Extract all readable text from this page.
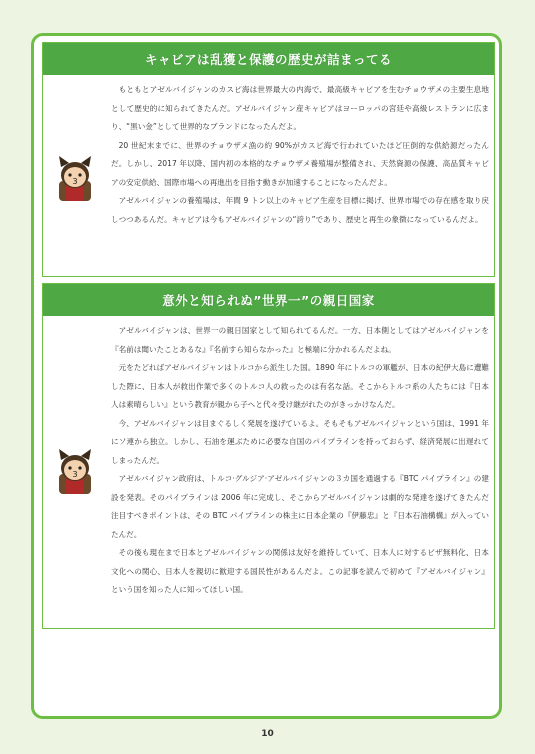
キャビアは乱獲と保護の歴史が詰まってる
3

もともとアゼルバイジャンのカスピ海は世界最大の内海で、最高級キャビアを生むチョウザメの主要生息地として歴史的に知られてきたんだ。アゼルバイジャン産キャビアはヨーロッパの宮廷や高級レストランに広まり、“黒い金”として世界的なブランドになったんだよ。

20 世紀末までに、世界のチョウザメ漁の約 90%がカスピ海で行われていたほど圧倒的な供給源だったんだ。しかし、2017 年以降、国内初の本格的なチョウザメ養殖場が整備され、天然資源の保護、高品質キャビアの安定供給、国際市場への再進出を目指す動きが加速することになったんだよ。

アゼルバイジャンの養殖場は、年間 9 トン以上のキャビア生産を目標に掲げ、世界市場での存在感を取り戻しつつあるんだ。キャビアは今もアゼルバイジャンの“誇り”であり、歴史と再生の象徴になっているんだよ。

意外と知られぬ”世界一”の親日国家
3

アゼルバイジャンは、世界一の親日国家として知られてるんだ。一方、日本側としてはアゼルバイジャンを『名前は聞いたことあるな』『名前すら知らなかった』と極端に分かれるんだよね。

元をたどればアゼルバイジャンはトルコから派生した国。1890 年にトルコの軍艦が、日本の紀伊大島に遭難した際に、日本人が救出作業で多くのトルコ人の救ったのは有名な話。そこからトルコ系の人たちには『日本人は素晴らしい』という教育が親から子へと代々受け継がれたのがきっかけなんだ。

今、アゼルバイジャンは目まぐるしく発展を遂げているよ。そもそもアゼルバイジャンという国は、1991 年にソ連から独立。しかし、石油を運ぶために必要な自国のパイプラインを持っておらず、経済発展に出遅れてしまったんだ。

アゼルバイジャン政府は、トルコ·グルジア·アゼルバイジャンの３カ国を通過する『BTC パイプライン』の建設を発表。そのパイプラインは 2006 年に完成し、そこからアゼルバイジャンは劇的な発達を遂げてきたんだ注目すべきポイントは、その BTC パイプラインの株主に日本企業の『伊藤忠』と『日本石油構構』が入っていたんだ。

その後も現在まで日本とアゼルバイジャンの関係は友好を維持していて、日本人に対するビザ無料化、日本文化への関心、日本人を親切に歓迎する国民性があるんだよ。この記事を読んで初めて『アゼルバイジャン』という国を知った人に知ってほしい国。

10
